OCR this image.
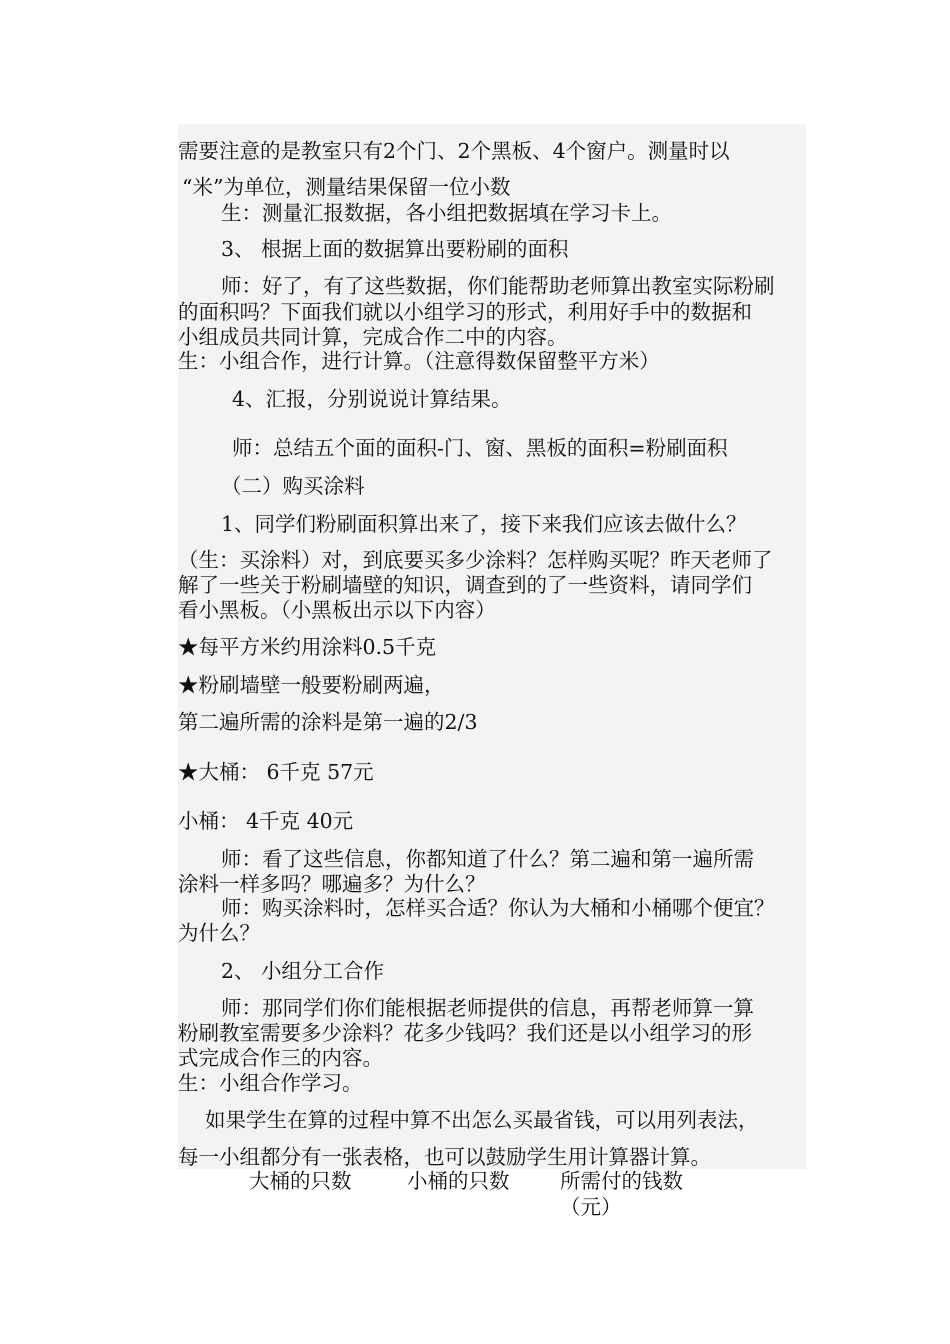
需要注意的是教室只有2个门、2个黑板、4个窗户。测量时以
“米”为单位，测量结果保留一位小数
生：测量汇报数据，各小组把数据填在学习卡上。
3、 根据上面的数据算出要粉刷的面积
师：好了，有了这些数据，你们能帮助老师算出教室实际粉刷
的面积吗？下面我们就以小组学习的形式，利用好手中的数据和
小组成员共同计算，完成合作二中的内容。
生：小组合作，进行计算。（注意得数保留整平方米）
4、汇报，分别说说计算结果。
师：总结五个面的面积-门、窗、黑板的面积=粉刷面积
（二）购买涂料
1、同学们粉刷面积算出来了，接下来我们应该去做什么？
（生：买涂料）对，到底要买多少涂料？怎样购买呢？昨天老师了
解了一些关于粉刷墙壁的知识，调查到的了一些资料，请同学们
看小黑板。（小黑板出示以下内容）
★每平方米约用涂料0.5千克
★粉刷墙壁一般要粉刷两遍，
第二遍所需的涂料是第一遍的2/3
★大桶： 6千克 57元
小桶： 4千克 40元
师：看了这些信息，你都知道了什么？第二遍和第一遍所需
涂料一样多吗？哪遍多？为什么？
师：购买涂料时，怎样买合适？你认为大桶和小桶哪个便宜？
为什么？
2、 小组分工合作
师：那同学们你们能根据老师提供的信息，再帮老师算一算
粉刷教室需要多少涂料？花多少钱吗？我们还是以小组学习的形
式完成合作三的内容。
生：小组合作学习。
如果学生在算的过程中算不出怎么买最省钱，可以用列表法，
每一小组都分有一张表格，也可以鼓励学生用计算器计算。
大桶的只数	小桶的只数 所需付的钱数
（元）
